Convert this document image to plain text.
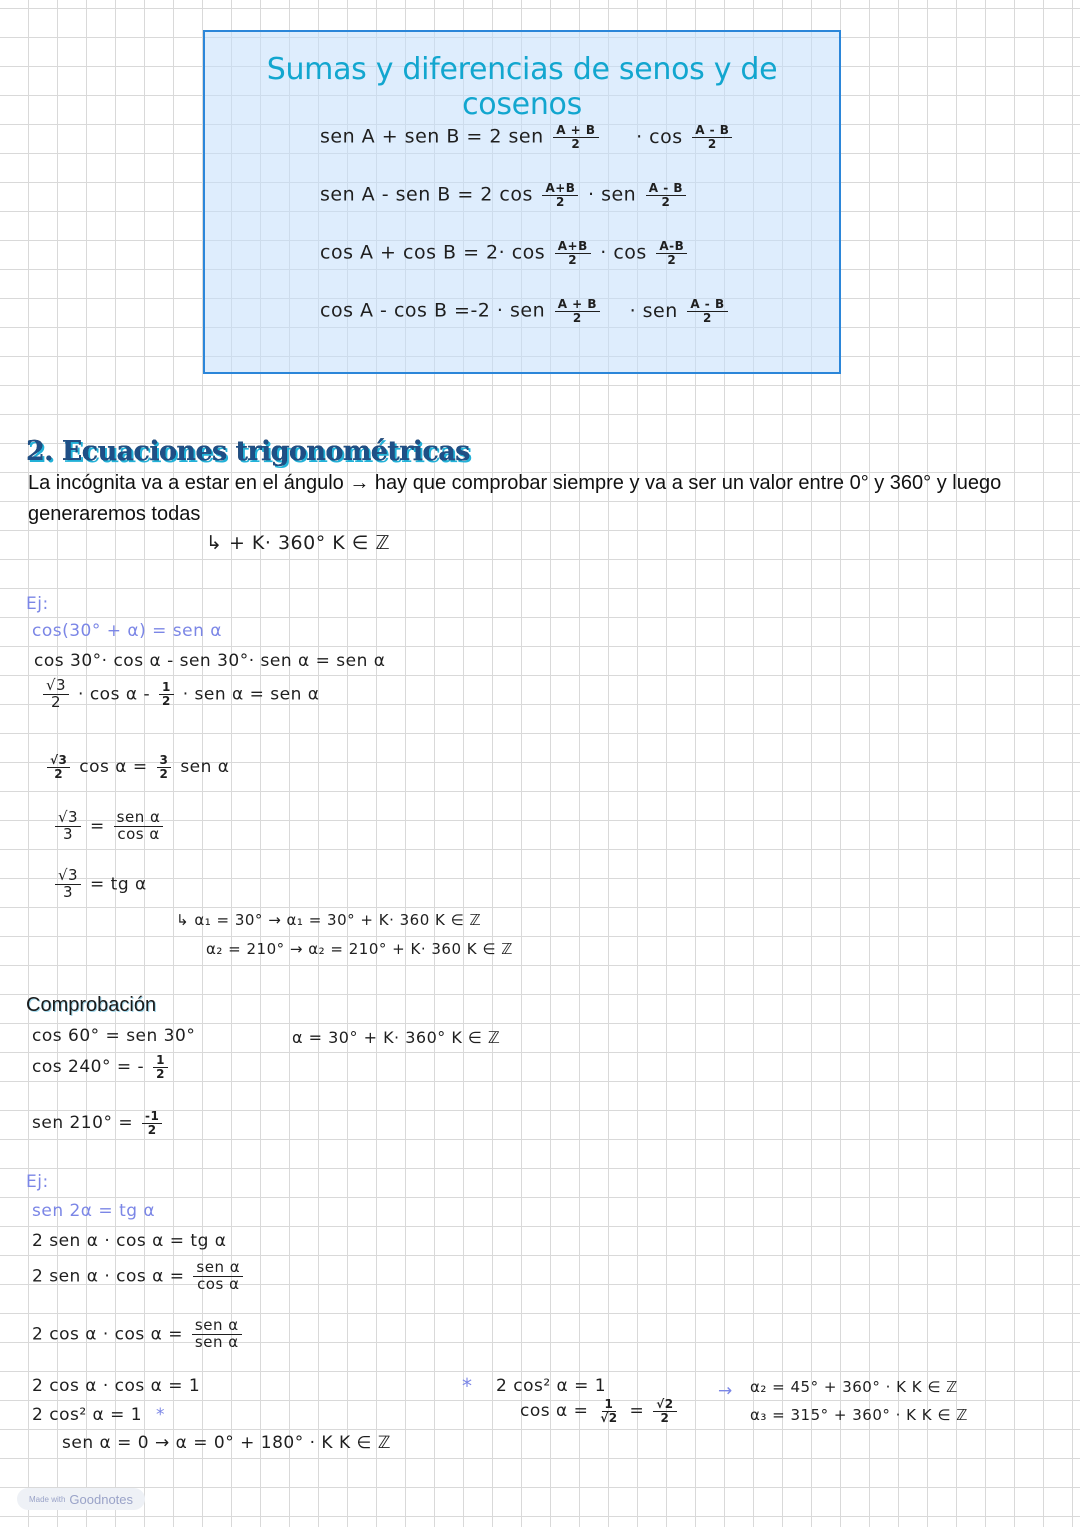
Sumas y diferencias de senos y de cosenos
sen A + sen B = 2 sen $\frac{A + B}{2} \cdot \cos \frac{A - B}{2}$
sen A - sen B = 2 $\cos \frac{A+B}{2}$ · sen $\frac{A - B}{2}$
$\cos A + \cos B = 2\cdot \cos \frac{A+B}{2} \cdot \cos \frac{A-B}{2}$
cos A - cos B =-2 · sen $\frac{A + B}{2}$ · sen $\frac{A - B}{2}$
2. Ecuaciones trigonométricas
La incógnita va a estar en el ángulo → hay que comprobar siempre y va a ser un valor entre 0° y 360° y luego
generaremos todas
↳ + K· 360° K ∈ ℤ
Ej:
cos(30° + α) = sen α
cos 30°· cos α - sen 30°· sen α = sen α
$\frac{√3}{2} \cdot \cos \alpha - \frac{1}{2}$ · sen α = sen α
$\frac{√3}{2}$ $\cos \alpha = \frac{3}{2}$ sen α
$\frac{√3}{3} = \frac{\text{sen α}}{\text{cos α}}$
$\frac{√3}{3}$ = tg α
↳ α₁ = 30° → α₁ = 30° + K· 360 K ∈ ℤ
α₂ = 210° → α₂ = 210° + K· 360 K ∈ ℤ
Comprobación
cos 60° = sen 30°
cos 240° = - $\frac{1}{2}$
sen $210^\circ = \frac{-1}{2}$
α = 30° + K· 360° K ∈ ℤ
Ej:
sen 2α = tg α
2 sen α · cos α = tg α
2 sen $\alpha \cdot \cos \alpha = \frac{\text{sen α}}{\text{cos α}}$
2 $\cos \alpha \cdot \cos \alpha = \frac{\text{sen α}}{\text{sen α}}$
2 cos α · cos α = 1
2 cos² α = 1 *
sen α = 0 → α = 0° + 180° · K K ∈ ℤ
* 2 cos² α = 1
$\cos \alpha = \frac{1}{√2} = \frac{√2}{2}$
→ α₂ = 45° + 360° · K K ∈ ℤ
α₃ = 315° + 360° · K K ∈ ℤ
Made with Goodnotes
